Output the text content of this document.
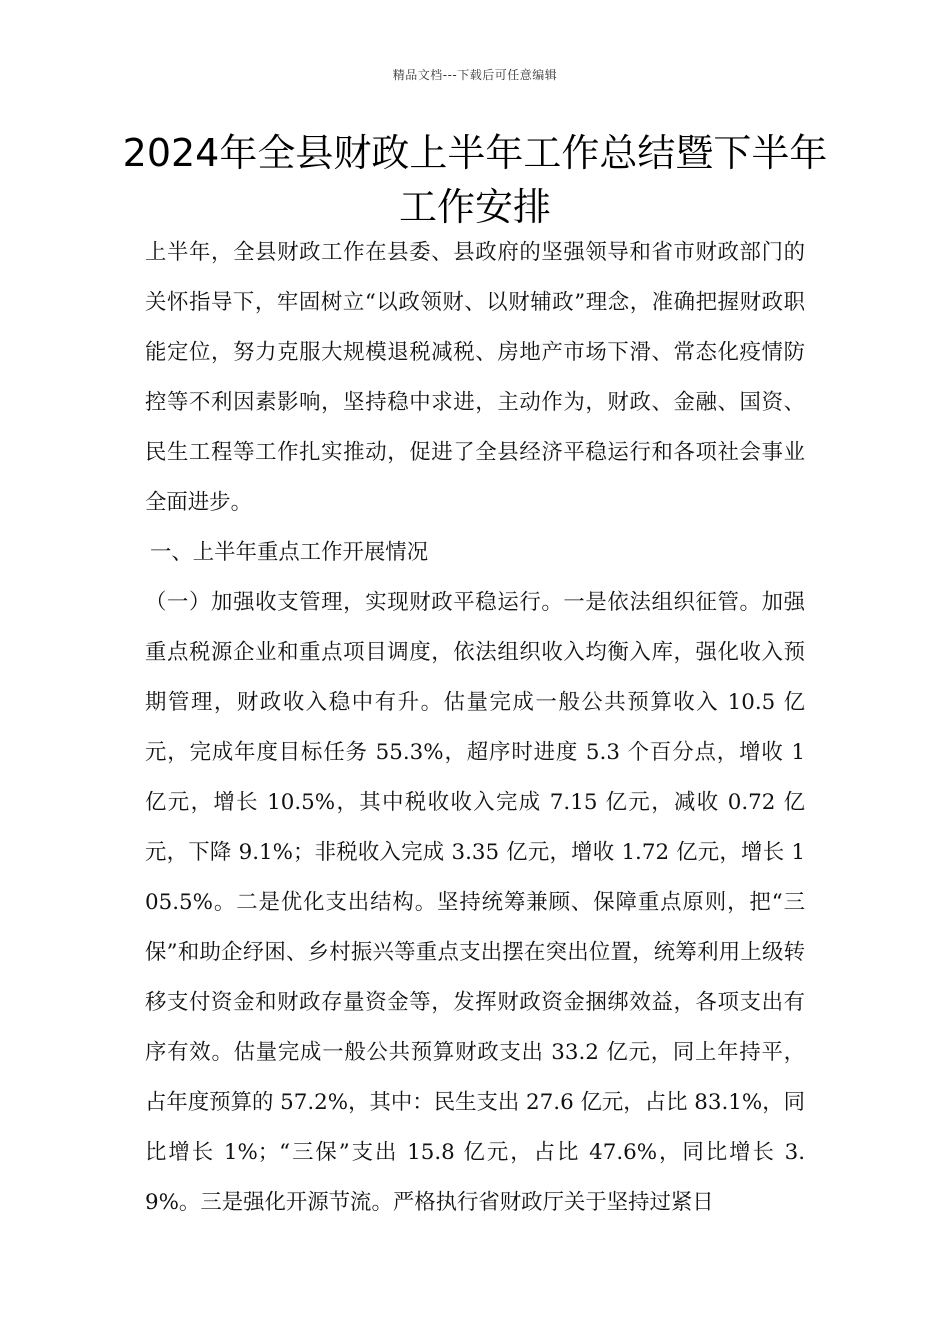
精品文档---下载后可任意编辑
2024年全县财政上半年工作总结暨下半年工作安排

上半年，全县财政工作在县委、县政府的坚强领导和省市财政部门的关怀指导下，牢固树立“以政领财、以财辅政”理念，准确把握财政职能定位，努力克服大规模退税减税、房地产市场下滑、常态化疫情防控等不利因素影响，坚持稳中求进，主动作为，财政、金融、国资、民生工程等工作扎实推动，促进了全县经济平稳运行和各项社会事业全面进步。

一、上半年重点工作开展情况

（一）加强收支管理，实现财政平稳运行。一是依法组织征管。加强重点税源企业和重点项目调度，依法组织收入均衡入库，强化收入预期管理，财政收入稳中有升。估量完成一般公共预算收入 10.5 亿元，完成年度目标任务 55.3%，超序时进度 5.3 个百分点，增收 1 亿元，增长 10.5%，其中税收收入完成 7.15 亿元，减收 0.72 亿元，下降 9.1%；非税收入完成 3.35 亿元，增收 1.72 亿元，增长 105.5%。二是优化支出结构。坚持统筹兼顾、保障重点原则，把“三保”和助企纾困、乡村振兴等重点支出摆在突出位置，统筹利用上级转移支付资金和财政存量资金等，发挥财政资金捆绑效益，各项支出有序有效。估量完成一般公共预算财政支出 33.2 亿元，同上年持平，占年度预算的 57.2%，其中：民生支出 27.6 亿元，占比 83.1%，同比增长 1%；“三保”支出 15.8 亿元，占比 47.6%，同比增长 3.9%。三是强化开源节流。严格执行省财政厅关于坚持过紧日
